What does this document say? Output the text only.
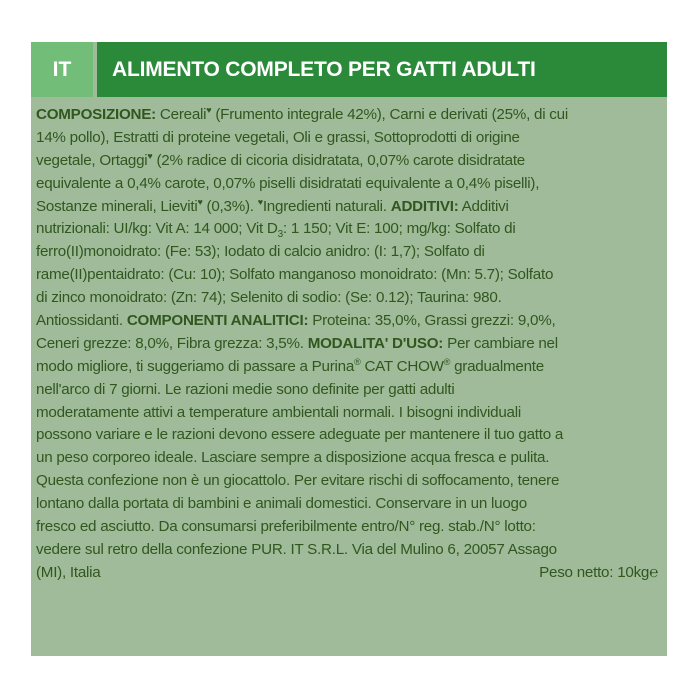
IT	ALIMENTO COMPLETO PER GATTI ADULTI
COMPOSIZIONE: Cereali♥ (Frumento integrale 42%), Carni e derivati (25%, di cui
14% pollo), Estratti di proteine vegetali, Oli e grassi, Sottoprodotti di origine
vegetale, Ortaggi♥ (2% radice di cicoria disidratata, 0,07% carote disidratate
equivalente a 0,4% carote, 0,07% piselli disidratati equivalente a 0,4% piselli),
Sostanze minerali, Lieviti♥ (0,3%). ♥Ingredienti naturali. ADDITIVI: Additivi
nutrizionali: UI/kg: Vit A: 14 000; Vit $D_3$: 1 150; Vit E: 100; mg/kg: Solfato di
ferro(II)monoidrato: (Fe: 53); Iodato di calcio anidro: (I: 1,7); Solfato di
rame(II)pentaidrato: (Cu: 10); Solfato manganoso monoidrato: (Mn: 5.7); Solfato
di zinco monoidrato: (Zn: 74); Selenito di sodio: (Se: 0.12); Taurina: 980.
Antiossidanti. COMPONENTI ANALITICI: Proteina: 35,0%, Grassi grezzi: 9,0%,
Ceneri grezze: 8,0%, Fibra grezza: 3,5%. MODALITA' D'USO: Per cambiare nel
modo migliore, ti suggeriamo di passare a Purina® CAT CHOW® gradualmente
nell'arco di 7 giorni. Le razioni medie sono definite per gatti adulti
moderatamente attivi a temperature ambientali normali. I bisogni individuali
possono variare e le razioni devono essere adeguate per mantenere il tuo gatto a
un peso corporeo ideale. Lasciare sempre a disposizione acqua fresca e pulita.
Questa confezione non è un giocattolo. Per evitare rischi di soffocamento, tenere
lontano dalla portata di bambini e animali domestici. Conservare in un luogo
fresco ed asciutto. Da consumarsi preferibilmente entro/N° reg. stab./N° lotto:
vedere sul retro della confezione PUR. IT S.R.L. Via del Mulino 6, 20057 Assago
(MI), Italia	Peso netto: 10kg℮
